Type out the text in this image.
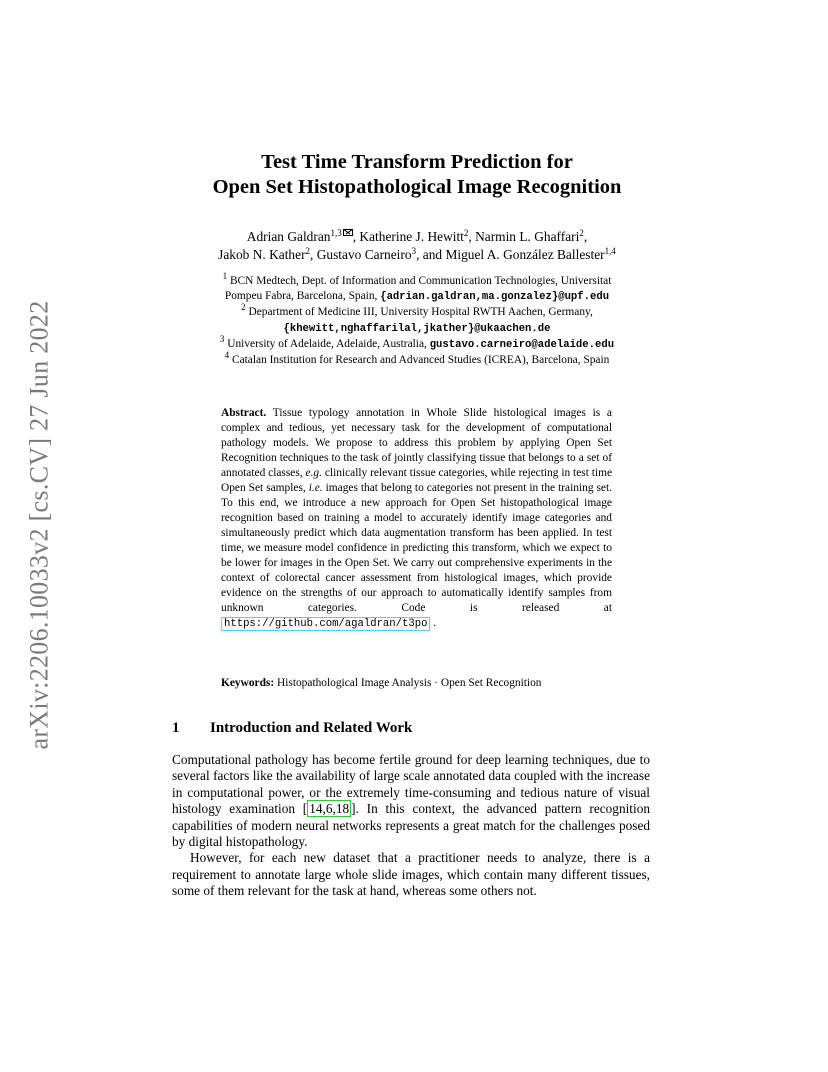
arXiv:2206.10033v2 [cs.CV] 27 Jun 2022
Test Time Transform Prediction for
Open Set Histopathological Image Recognition
Adrian Galdran$^{1,3}$ , Katherine J. Hewitt$^2$, Narmin L. Ghaffari$^2$,
Jakob N. Kather$^2$, Gustavo Carneiro$^3$, and Miguel A. González Ballester$^{1,4}$
$^1$ BCN Medtech, Dept. of Information and Communication Technologies, Universitat
Pompeu Fabra, Barcelona, Spain, {adrian.galdran,ma.gonzalez}@upf.edu
$^2$ Department of Medicine III, University Hospital RWTH Aachen, Germany,
{khewitt,nghaffarilal,jkather}@ukaachen.de
$^3$ University of Adelaide, Adelaide, Australia, gustavo.carneiro@adelaide.edu
$^4$ Catalan Institution for Research and Advanced Studies (ICREA), Barcelona, Spain
Abstract. Tissue typology annotation in Whole Slide histological images is a complex and tedious, yet necessary task for the development of computational pathology models. We propose to address this problem by applying Open Set Recognition techniques to the task of jointly classifying tissue that belongs to a set of annotated classes, e.g. clinically relevant tissue categories, while rejecting in test time Open Set samples, i.e. images that belong to categories not present in the training set. To this end, we introduce a new approach for Open Set histopathological image recognition based on training a model to accurately identify image categories and simultaneously predict which data augmentation transform has been applied. In test time, we measure model confidence in predicting this transform, which we expect to be lower for images in the Open Set. We carry out comprehensive experiments in the context of colorectal cancer assessment from histological images, which provide evidence on the strengths of our approach to automatically identify samples from unknown categories. Code is released at https://github.com/agaldran/t3po .
Keywords: Histopathological Image Analysis · Open Set Recognition
1 Introduction and Related Work

Computational pathology has become fertile ground for deep learning techniques, due to several factors like the availability of large scale annotated data coupled with the increase in computational power, or the extremely time-consuming and tedious nature of visual histology examination [ 14,6,18 ]. In this context, the advanced pattern recognition capabilities of modern neural networks represents a great match for the challenges posed by digital histopathology.

However, for each new dataset that a practitioner needs to analyze, there is a requirement to annotate large whole slide images, which contain many different tissues, some of them relevant for the task at hand, whereas some others not.
